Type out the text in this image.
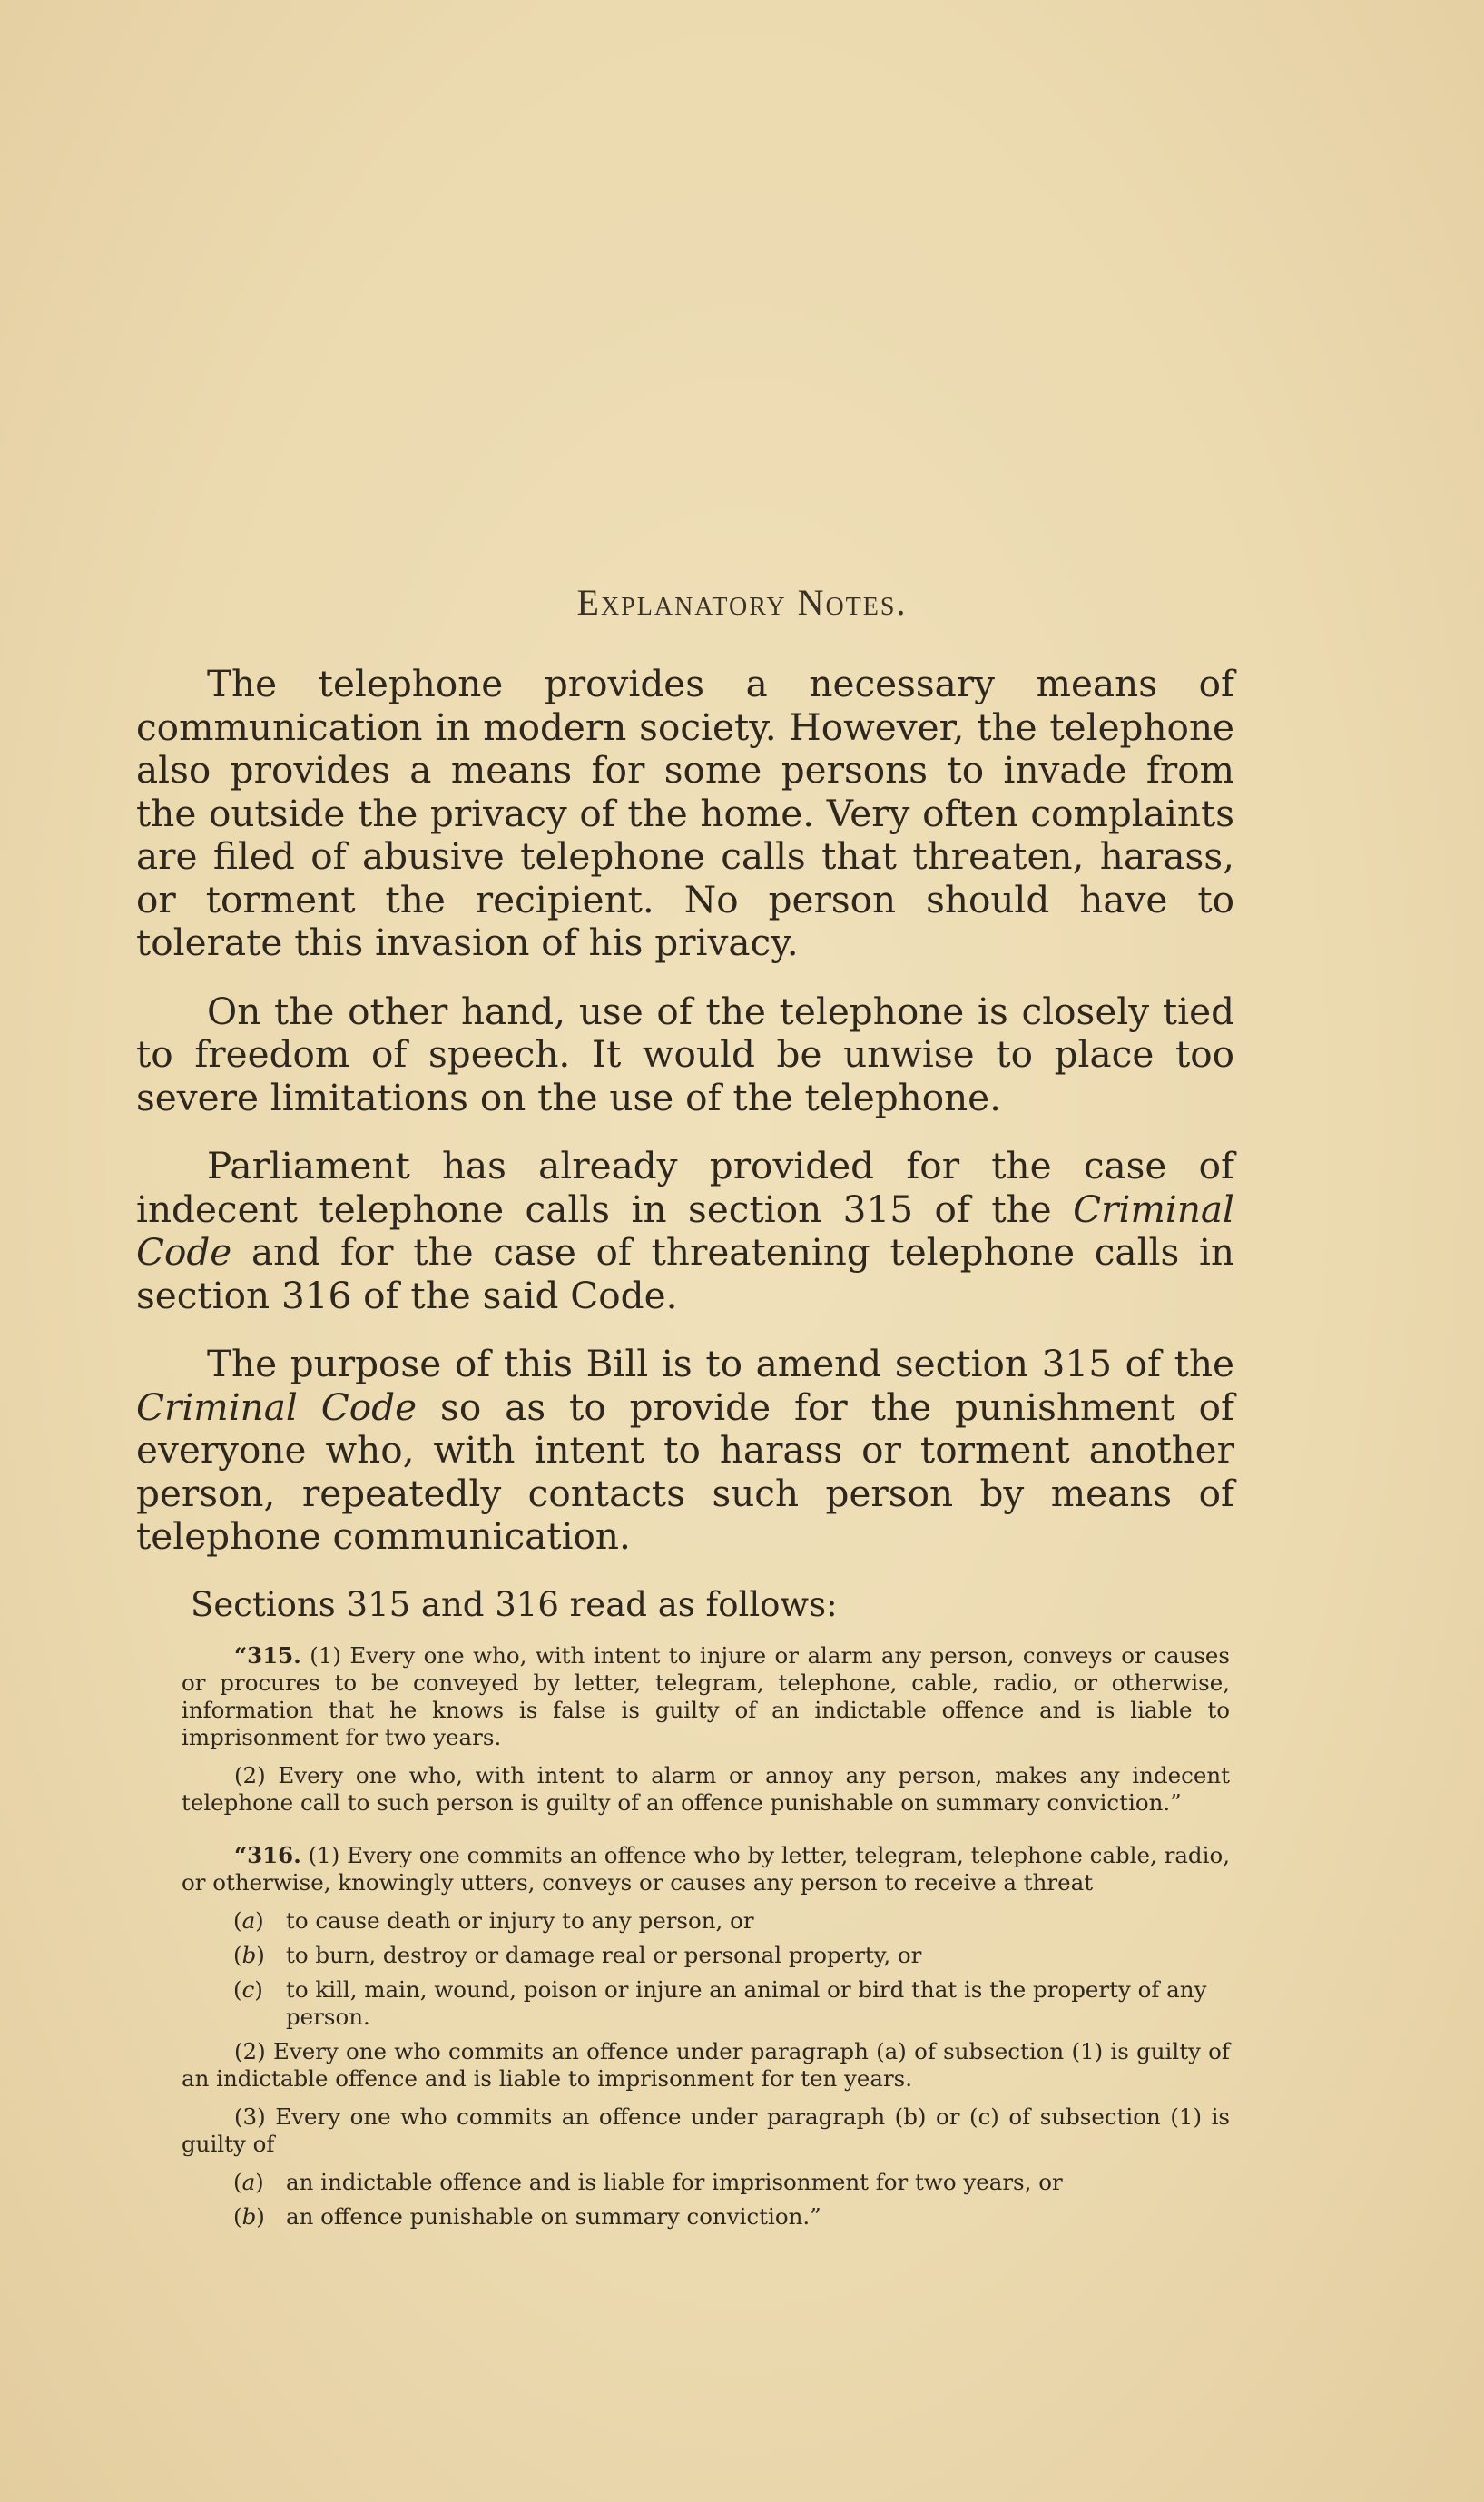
Explanatory Notes.

The telephone provides a necessary means of communication in modern society. However, the telephone also provides a means for some persons to invade from the outside the privacy of the home. Very often complaints are filed of abusive telephone calls that threaten, harass, or torment the recipient. No person should have to tolerate this invasion of his privacy.

On the other hand, use of the telephone is closely tied to freedom of speech. It would be unwise to place too severe limitations on the use of the telephone.

Parliament has already provided for the case of indecent telephone calls in section 315 of the Criminal Code and for the case of threatening telephone calls in section 316 of the said Code.

The purpose of this Bill is to amend section 315 of the Criminal Code so as to provide for the punishment of everyone who, with intent to harass or torment another person, repeatedly contacts such person by means of telephone communication.

Sections 315 and 316 read as follows:

“315. (1) Every one who, with intent to injure or alarm any person, conveys or causes or procures to be conveyed by letter, telegram, telephone, cable, radio, or otherwise, information that he knows is false is guilty of an indictable offence and is liable to imprisonment for two years.

(2) Every one who, with intent to alarm or annoy any person, makes any indecent telephone call to such person is guilty of an offence punishable on summary conviction.”

“316. (1) Every one commits an offence who by letter, telegram, telephone cable, radio, or otherwise, knowingly utters, conveys or causes any person to receive a threat

(a) to cause death or injury to any person, or
(b) to burn, destroy or damage real or personal property, or
(c) to kill, main, wound, poison or injure an animal or bird that is the property of any person.

(2) Every one who commits an offence under paragraph (a) of subsection (1) is guilty of an indictable offence and is liable to imprisonment for ten years.

(3) Every one who commits an offence under paragraph (b) or (c) of subsection (1) is guilty of

(a) an indictable offence and is liable for imprisonment for two years, or
(b) an offence punishable on summary conviction.”
